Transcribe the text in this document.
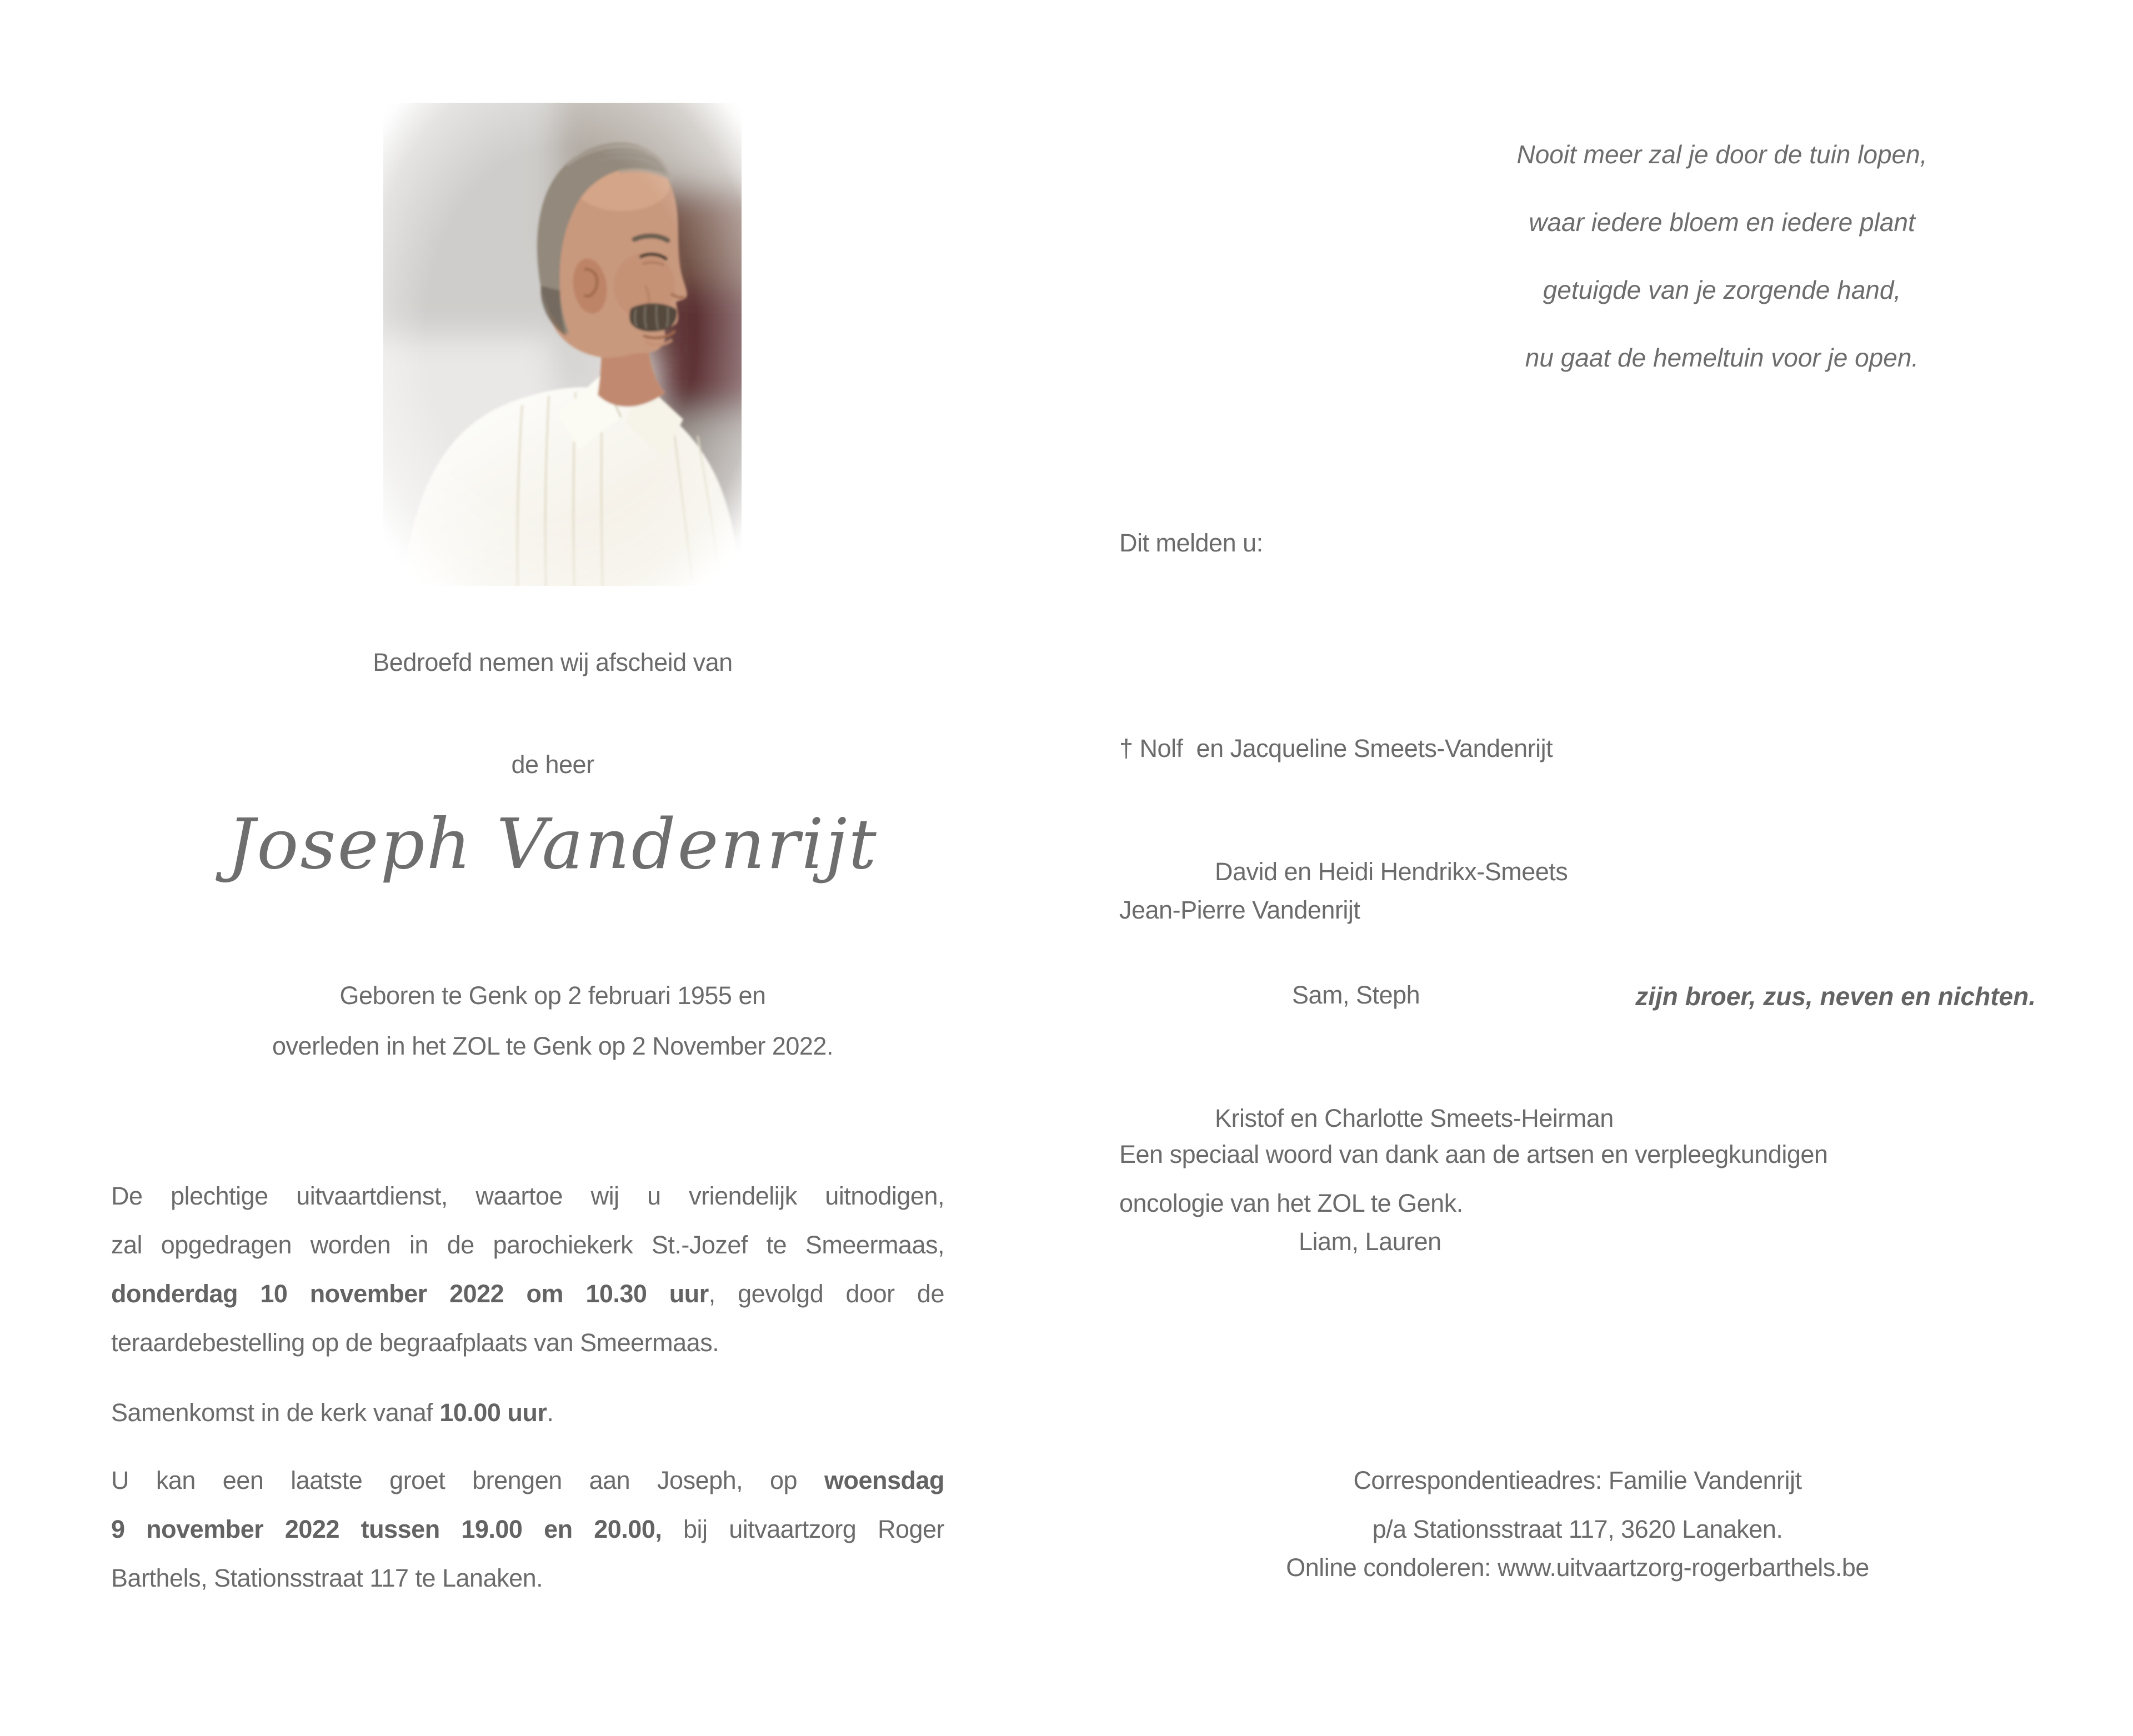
Bedroefd nemen wij afscheid van
de heer
Joseph Vandenrijt
Geboren te Genk op 2 februari 1955 en
overleden in het ZOL te Genk op 2 November 2022.
De plechtige uitvaartdienst, waartoe wij u vriendelijk uitnodigen,
zal opgedragen worden in de parochiekerk St.-Jozef te Smeermaas,
donderdag 10 november 2022 om 10.30 uur, gevolgd door de
teraardebestelling op de begraafplaats van Smeermaas.
Samenkomst in de kerk vanaf 10.00 uur.
U kan een laatste groet brengen aan Joseph, op woensdag
9 november 2022 tussen 19.00 en 20.00, bij uitvaartzorg Roger
Barthels, Stationsstraat 117 te Lanaken.
Nooit meer zal je door de tuin lopen,
waar iedere bloem en iedere plant
getuigde van je zorgende hand,
nu gaat de hemeltuin voor je open.
Dit melden u:

† Nolf  en Jacqueline Smeets-Vandenrijt

David en Heidi Hendrikx-Smeets

Sam, Steph

Kristof en Charlotte Smeets-Heirman

Liam, Lauren

Jean-Pierre Vandenrijt
zijn broer, zus, neven en nichten.
Een speciaal woord van dank aan de artsen en verpleegkundigen
oncologie van het ZOL te Genk.
Correspondentieadres: Familie Vandenrijt
p/a Stationsstraat 117, 3620 Lanaken.
Online condoleren: www.uitvaartzorg-rogerbarthels.be
